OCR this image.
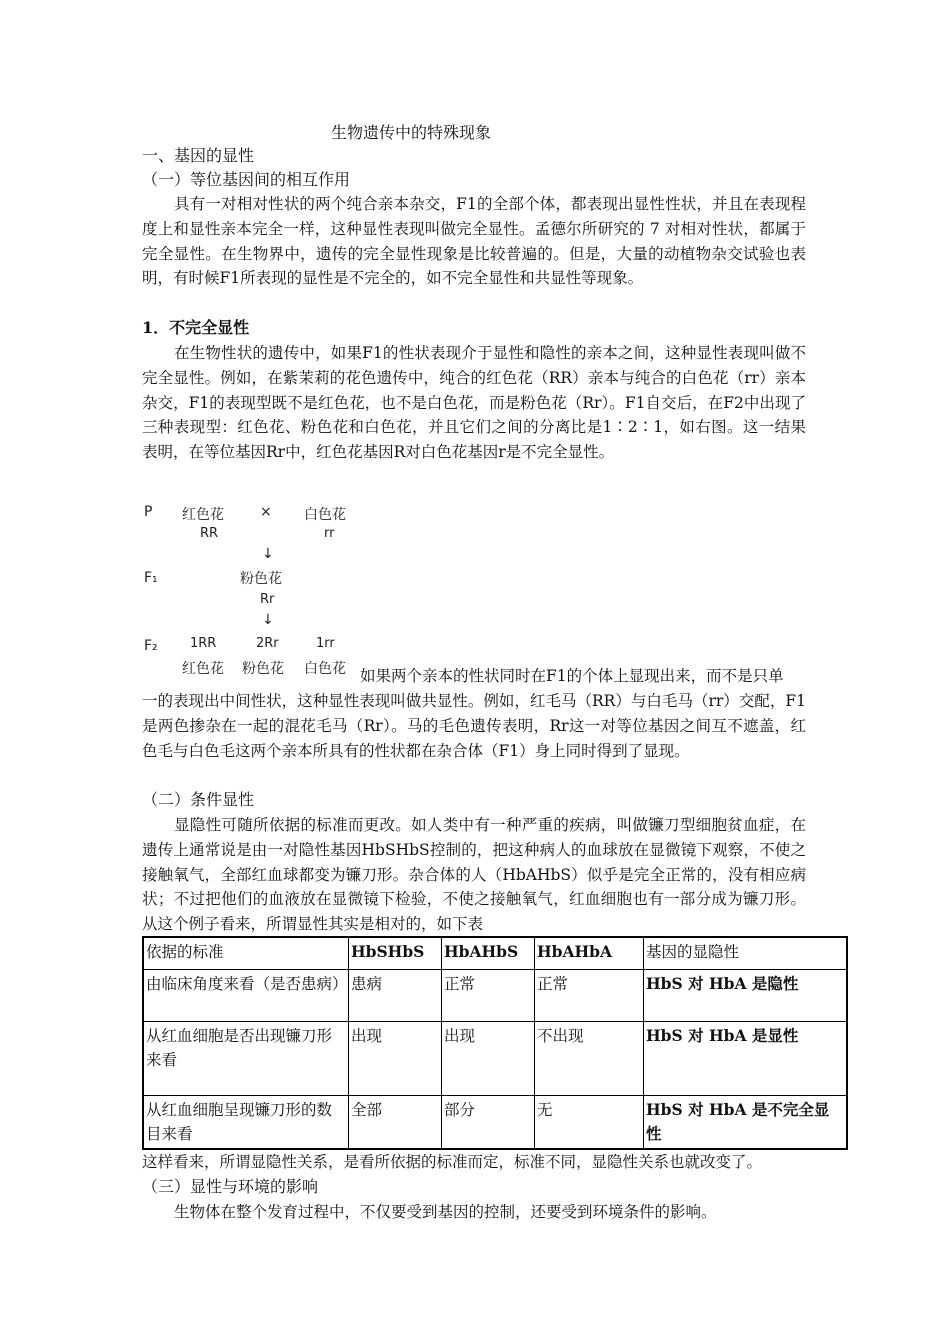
生物遗传中的特殊现象
一、基因的显性
（一）等位基因间的相互作用
具有一对相对性状的两个纯合亲本杂交，F1的全部个体，都表现出显性性状，并且在表现程度上和显性亲本完全一样，这种显性表现叫做完全显性。孟德尔所研究的 7 对相对性状，都属于完全显性。在生物界中，遗传的完全显性现象是比较普遍的。但是，大量的动植物杂交试验也表明，有时候F1所表现的显性是不完全的，如不完全显性和共显性等现象。
1．不完全显性
在生物性状的遗传中，如果F1的性状表现介于显性和隐性的亲本之间，这种显性表现叫做不完全显性。例如，在紫茉莉的花色遗传中，纯合的红色花（RR）亲本与纯合的白色花（rr）亲本杂交，F1的表现型既不是红色花，也不是白色花，而是粉色花（Rr）。F1自交后，在F2中出现了三种表现型：红色花、粉色花和白色花，并且它们之间的分离比是1∶2∶1，如右图。这一结果表明，在等位基因Rr中，红色花基因R对白色花基因r是不完全显性。
P 红色花	× 白色花
RR	rr
↓
F₁	粉色花
Rr
↓
F₂ 1RR	2Rr	1rr
红色花 粉色花 白色花 如果两个亲本的性状同时在F1的个体上显现出来，而不是只单
一的表现出中间性状，这种显性表现叫做共显性。例如，红毛马（RR）与白毛马（rr）交配，F1是两色掺杂在一起的混花毛马（Rr）。马的毛色遗传表明，Rr这一对等位基因之间互不遮盖，红色毛与白色毛这两个亲本所具有的性状都在杂合体（F1）身上同时得到了显现。
（二）条件显性
显隐性可随所依据的标准而更改。如人类中有一种严重的疾病，叫做镰刀型细胞贫血症，在遗传上通常说是由一对隐性基因HbSHbS控制的，把这种病人的血球放在显微镜下观察，不使之接触氧气，全部红血球都变为镰刀形。杂合体的人（HbAHbS）似乎是完全正常的，没有相应病状；不过把他们的血液放在显微镜下检验，不使之接触氧气，红血细胞也有一部分成为镰刀形。从这个例子看来，所谓显性其实是相对的，如下表
依据的标准	HbSHbS	HbAHbS	HbAHbA	基因的显隐性
由临床角度来看（是否患病）	患病	正常	正常	HbS 对 HbA 是隐性
从红血细胞是否出现镰刀形来看	出现	出现	不出现	HbS 对 HbA 是显性
从红血细胞呈现镰刀形的数目来看	全部	部分	无	HbS 对 HbA 是不完全显性
这样看来，所谓显隐性关系，是看所依据的标准而定，标准不同，显隐性关系也就改变了。
（三）显性与环境的影响
生物体在整个发育过程中，不仅要受到基因的控制，还要受到环境条件的影响。
